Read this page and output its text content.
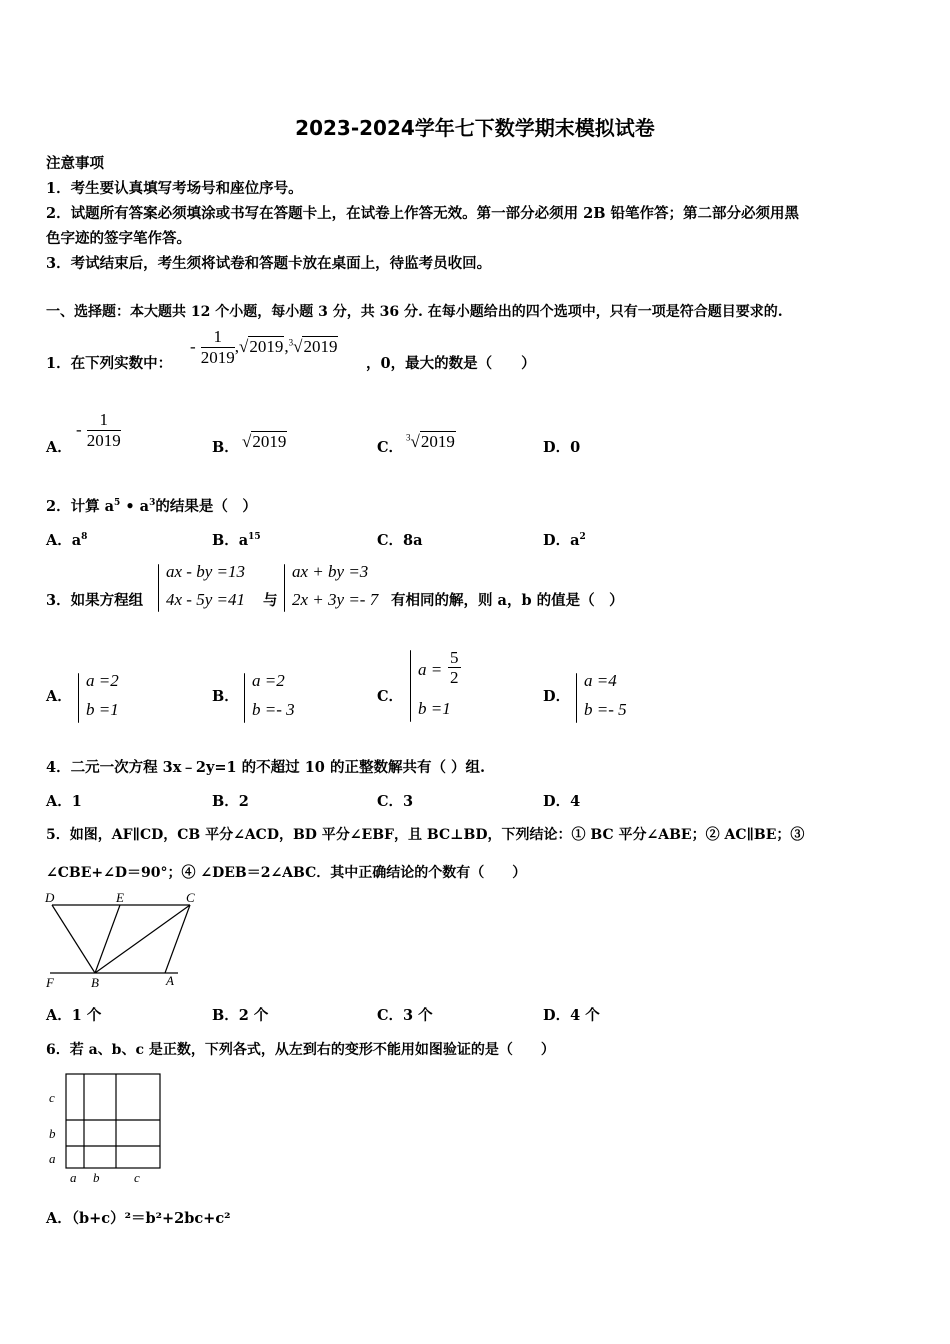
2023-2024学年七下数学期末模拟试卷
注意事项
1．考生要认真填写考场号和座位序号。
2．试题所有答案必须填涂或书写在答题卡上，在试卷上作答无效。第一部分必须用 2B 铅笔作答；第二部分必须用黑
色字迹的签字笔作答。
3．考试结束后，考生须将试卷和答题卡放在桌面上，待监考员收回。
一、选择题：本大题共 12 个小题，每小题 3 分，共 36 分. 在每小题给出的四个选项中，只有一项是符合题目要求的.
1．在下列实数中：
- $\frac{1}{2019} ,√2019,^3√2019$
，0，最大的数是（　　）
A．
- $\frac{1}{2019}$	B． √2019	C．
$^3$√2019	D．0
2．计算 $a^5$ • $a^3$的结果是（　）
A．$a^8$	B．$a^{15}$	C．8a	D．$a^2$
3．如果方程组
ax - by =13
4x - 5y =41 与
ax + by =3
2x + 3y =- 7 有相同的解，则 a，b 的值是（　）
A．
a =2
b =1
B．
a =2
b =- 3
C．
a =
5
2
b =1
D．
a =4
b =- 5
4．二元一次方程 3x﹣2y=1 的不超过 10 的正整数解共有（ ）组.
A．1	B．2	C．3	D．4
5．如图，AF∥CD，CB 平分∠ACD，BD 平分∠EBF，且 BC⊥BD，下列结论：① BC 平分∠ABE；② AC∥BE；③
∠CBE+∠D＝90°；④ ∠DEB＝2∠ABC．其中正确结论的个数有（　　）
D	E	C
F	B	A
A．1 个	B．2 个	C．3 个	D．4 个
6．若 a、b、c 是正数，下列各式，从左到右的变形不能用如图验证的是（　　）
c
b
a
a b	c
A．（b+c）²＝b²+2bc+c²
